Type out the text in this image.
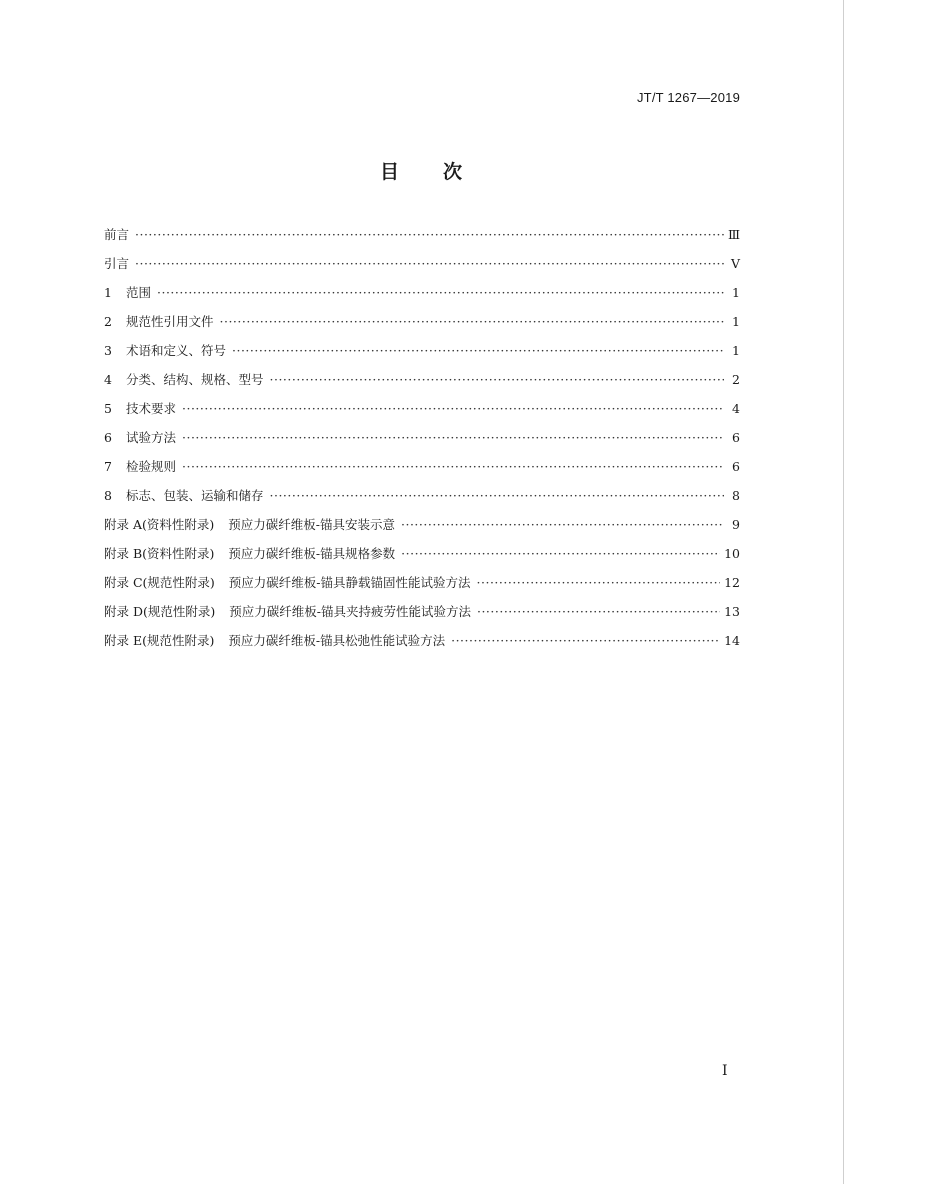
JT/T 1267—2019
目次
前言 ·····	Ⅲ
引言 ·····	V
1	范围 ·····	1
2	规范性引用文件 ·····	1
3	术语和定义、符号 ·····	1
4	分类、结构、规格、型号 ·····	2
5	技术要求 ·····	4
6	试验方法 ·····	6
7	检验规则 ·····	6
8	标志、包装、运输和储存 ·····	8
附录 A(资料性附录) 预应力碳纤维板-锚具安装示意 ·····	9
附录 B(资料性附录) 预应力碳纤维板-锚具规格参数 ·····	10
附录 C(规范性附录) 预应力碳纤维板-锚具静载锚固性能试验方法 ·····	12
附录 D(规范性附录) 预应力碳纤维板-锚具夹持疲劳性能试验方法 ·····	13
附录 E(规范性附录) 预应力碳纤维板-锚具松弛性能试验方法 ·····	14
I
